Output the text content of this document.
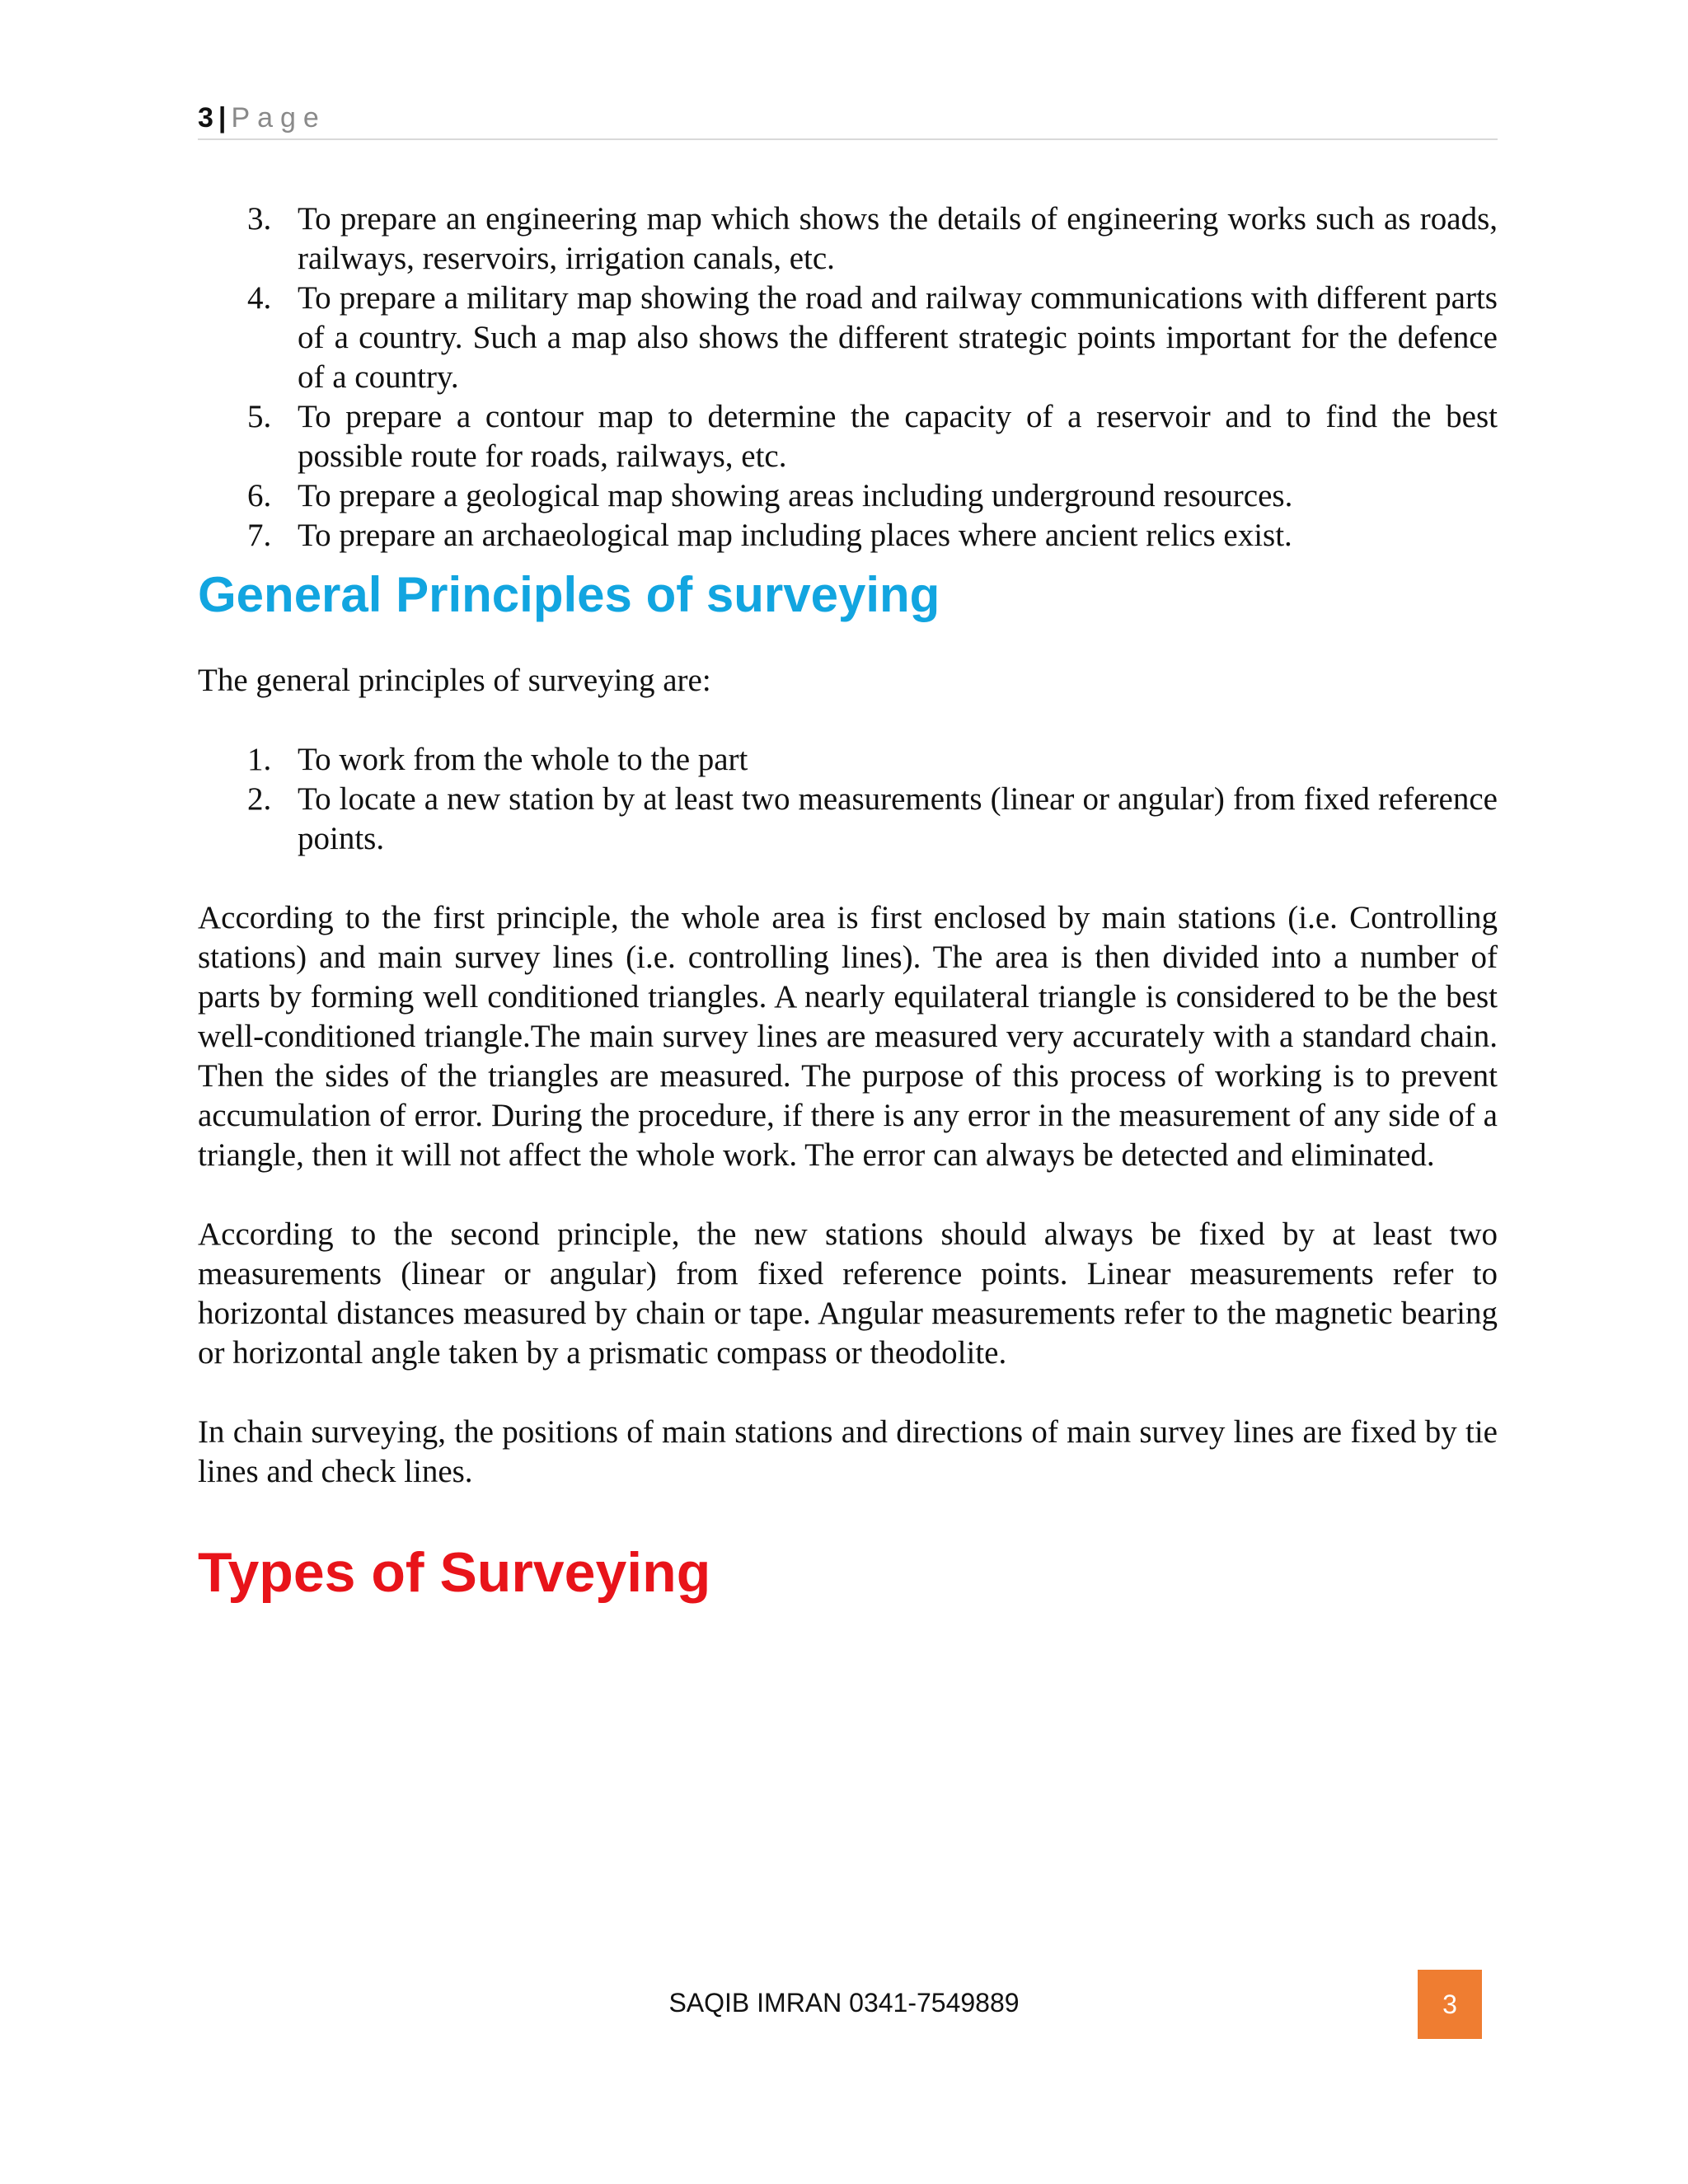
3 | Page
3. To prepare an engineering map which shows the details of engineering works such as roads, railways, reservoirs, irrigation canals, etc.
4. To prepare a military map showing the road and railway communications with different parts of a country. Such a map also shows the different strategic points important for the defence of a country.
5. To prepare a contour map to determine the capacity of a reservoir and to find the best possible route for roads, railways, etc.
6. To prepare a geological map showing areas including underground resources.
7. To prepare an archaeological map including places where ancient relics exist.
General Principles of surveying

The general principles of surveying are:

1. To work from the whole to the part
2. To locate a new station by at least two measurements (linear or angular) from fixed reference points.

According to the first principle, the whole area is first enclosed by main stations (i.e. Controlling stations) and main survey lines (i.e. controlling lines). The area is then divided into a number of parts by forming well conditioned triangles. A nearly equilateral triangle is considered to be the best well-conditioned triangle.The main survey lines are measured very accurately with a standard chain. Then the sides of the triangles are measured. The purpose of this process of working is to prevent accumulation of error. During the procedure, if there is any error in the measurement of any side of a triangle, then it will not affect the whole work. The error can always be detected and eliminated.

According to the second principle, the new stations should always be fixed by at least two measurements (linear or angular) from fixed reference points. Linear measurements refer to horizontal distances measured by chain or tape. Angular measurements refer to the magnetic bearing or horizontal angle taken by a prismatic compass or theodolite.

In chain surveying, the positions of main stations and directions of main survey lines are fixed by tie lines and check lines.

Types of Surveying
SAQIB IMRAN 0341-7549889	3
